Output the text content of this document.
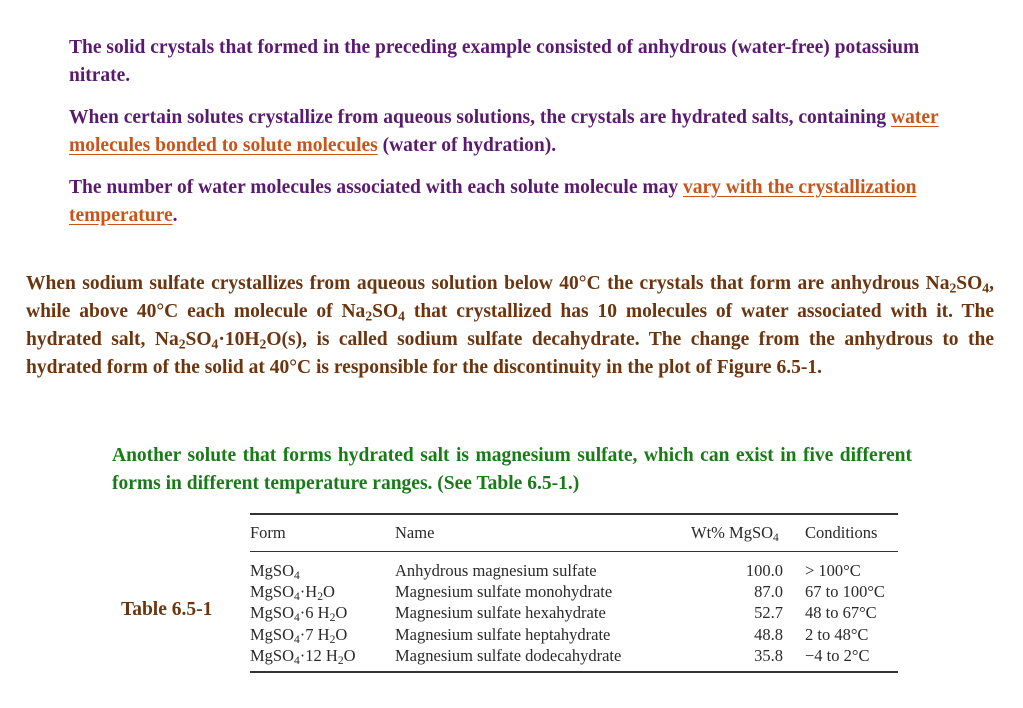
The solid crystals that formed in the preceding example consisted of anhydrous (water-free) potassium nitrate.

When certain solutes crystallize from aqueous solutions, the crystals are hydrated salts, containing water molecules bonded to solute molecules (water of hydration).

The number of water molecules associated with each solute molecule may vary with the crystallization temperature.

When sodium sulfate crystallizes from aqueous solution below 40°C the crystals that form are anhydrous $Na_2SO_4$, while above 40°C each molecule of $Na_2SO_4$ that crystallized has 10 molecules of water associated with it. The hydrated salt, $Na_2SO_4\cdot 10H_2O(s)$, is called sodium sulfate decahydrate. The change from the anhydrous to the hydrated form of the solid at 40°C is responsible for the discontinuity in the plot of Figure 6.5-1.
Another solute that forms hydrated salt is magnesium sulfate, which can exist in five different forms in different temperature ranges. (See Table 6.5-1.)
Table 6.5-1
Form	Name	Wt% MgSO$_4$	Conditions
MgSO$_4$	Anhydrous magnesium sulfate	100.0	> 100°C
$MgSO_4\cdot H_2O$	Magnesium sulfate monohydrate	87.0	67 to 100°C
MgSO$_4$·6 $H_2O$	Magnesium sulfate hexahydrate	52.7	48 to 67°C
MgSO$_4$·7 $H_2O$	Magnesium sulfate heptahydrate	48.8	2 to 48°C
MgSO$_4$·12 $H_2O$	Magnesium sulfate dodecahydrate	35.8	−4 to 2°C
